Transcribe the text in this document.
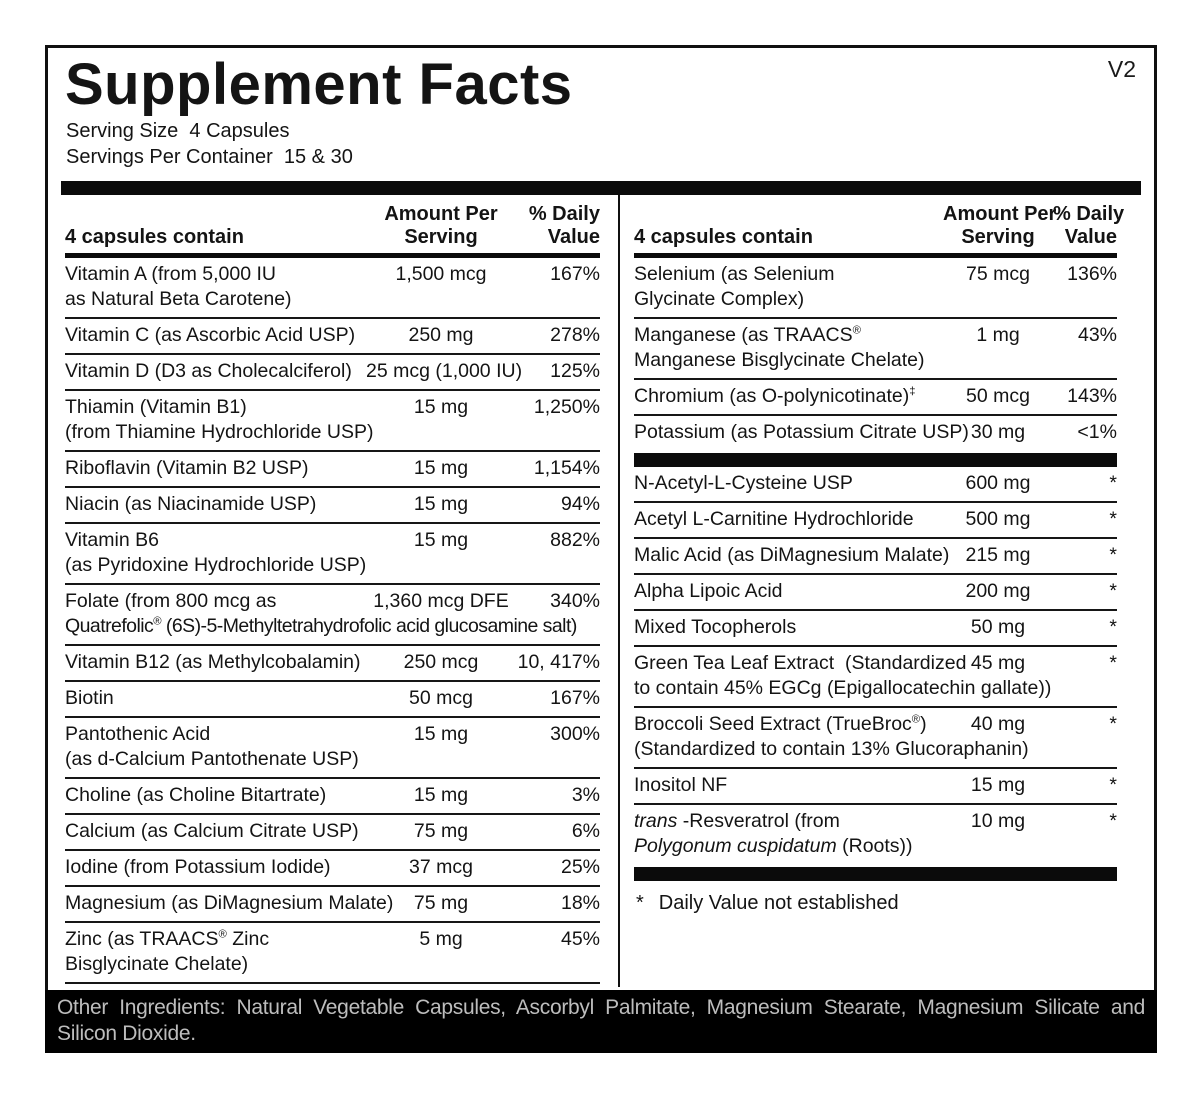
V2
Supplement Facts
Serving Size  4 Capsules
Servings Per Container  15 & 30
4 capsules contain
Amount Per
Serving
% Daily
Value
Vitamin A (from 5,000 IU	1,500 mcg	167%
as Natural Beta Carotene)
Vitamin C (as Ascorbic Acid USP)	250 mg	278%
Vitamin D (D3 as Cholecalciferol) 25 mcg (1,000 IU)	125%
Thiamin (Vitamin B1)	15 mg	1,250%
(from Thiamine Hydrochloride USP)
Riboflavin (Vitamin B2 USP)	15 mg	1,154%
Niacin (as Niacinamide USP)	15 mg	94%
Vitamin B6	15 mg	882%
(as Pyridoxine Hydrochloride USP)
Folate (from 800 mcg as	1,360 mcg DFE	340%
Quatrefolic® (6S)-5-Methyltetrahydrofolic acid glucosamine salt)
Vitamin B12 (as Methylcobalamin)	250 mcg	10, 417%
Biotin	50 mcg	167%
Pantothenic Acid	15 mg	300%
(as d-Calcium Pantothenate USP)
Choline (as Choline Bitartrate)	15 mg	3%
Calcium (as Calcium Citrate USP)	75 mg	6%
Iodine (from Potassium Iodide)	37 mcg	25%
Magnesium (as DiMagnesium Malate)	75 mg	18%
Zinc (as TRAACS® Zinc	5 mg	45%
Bisglycinate Chelate)
4 capsules contain
Amount Per
Serving
% Daily
Value
Selenium (as Selenium	75 mcg	136%
Glycinate Complex)
Manganese (as TRAACS®	1 mg	43%
Manganese Bisglycinate Chelate)
Chromium (as O-polynicotinate)‡	50 mcg	143%
Potassium (as Potassium Citrate USP) 30 mg	<1%
N-Acetyl-L-Cysteine USP	600 mg	*
Acetyl L-Carnitine Hydrochloride	500 mg	*
Malic Acid (as DiMagnesium Malate) 215 mg	*
Alpha Lipoic Acid	200 mg	*
Mixed Tocopherols	50 mg	*
Green Tea Leaf Extract  (Standardized 45 mg	*
to contain 45% EGCg (Epigallocatechin gallate))
Broccoli Seed Extract (TrueBroc®)	40 mg	*
(Standardized to contain 13% Glucoraphanin)
Inositol NF	15 mg	*
trans -Resveratrol (from	10 mg	*
Polygonum cuspidatum (Roots))
* Daily Value not established
Other Ingredients: Natural Vegetable Capsules, Ascorbyl Palmitate, Magnesium Stearate, Magnesium Silicate and
Silicon Dioxide.
